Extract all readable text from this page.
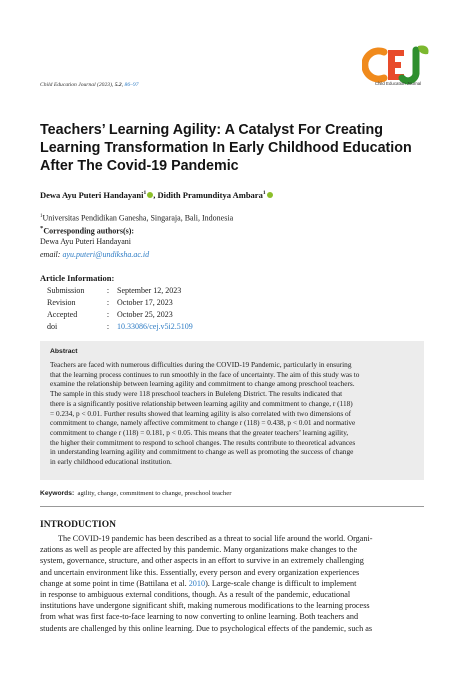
Child Education Journal
Child Education Journal (2023), 5.2, 86–97
Teachers’ Learning Agility: A Catalyst For Creating
Learning Transformation In Early Childhood Education
After The Covid-19 Pandemic
Dewa Ayu Puteri Handayani$^1$ , Didith Pramunditya Ambara$^1$
$^1$Universitas Pendidikan Ganesha, Singaraja, Bali, Indonesia
*Corresponding authors(s):
Dewa Ayu Puteri Handayani
email: ayu.puteri@undiksha.ac.id
Article Information:
Submission	: September 12, 2023
Revision	: October 17, 2023
Accepted	: October 25, 2023
doi	: 10.33086/cej.v5i2.5109
Abstract
Teachers are faced with numerous difficulties during the COVID-19 Pandemic, particularly in ensuring
that the learning process continues to run smoothly in the face of uncertainty. The aim of this study was to
examine the relationship between learning agility and commitment to change among preschool teachers.
The sample in this study were 118 preschool teachers in Buleleng District. The results indicated that
there is a significantly positive relationship between learning agility and commitment to change, r (118)
= 0.234, p < 0.01. Further results showed that learning agility is also correlated with two dimensions of
commitment to change, namely affective commitment to change r (118) = 0.438, p < 0.01 and normative
commitment to change r (118) = 0.181, p < 0.05. This means that the greater teachers’ learning agility,
the higher their commitment to respond to school changes. The results contribute to theoretical advances
in understanding learning agility and commitment to change as well as promoting the success of change
in early childhood educational institution.
Keywords: agility, change, commitment to change, preschool teacher
INTRODUCTION
The COVID-19 pandemic has been described as a threat to social life around the world. Organi-
zations as well as people are affected by this pandemic. Many organizations make changes to the
system, governance, structure, and other aspects in an effort to survive in an extremely challenging
and uncertain environment like this. Essentially, every person and every organization experiences
change at some point in time (Battilana et al. 2010). Large-scale change is difficult to implement
in response to ambiguous external conditions, though. As a result of the pandemic, educational
institutions have undergone significant shift, making numerous modifications to the learning process
from what was first face-to-face learning to now converting to online learning. Both teachers and
students are challenged by this online learning. Due to psychological effects of the pandemic, such as
